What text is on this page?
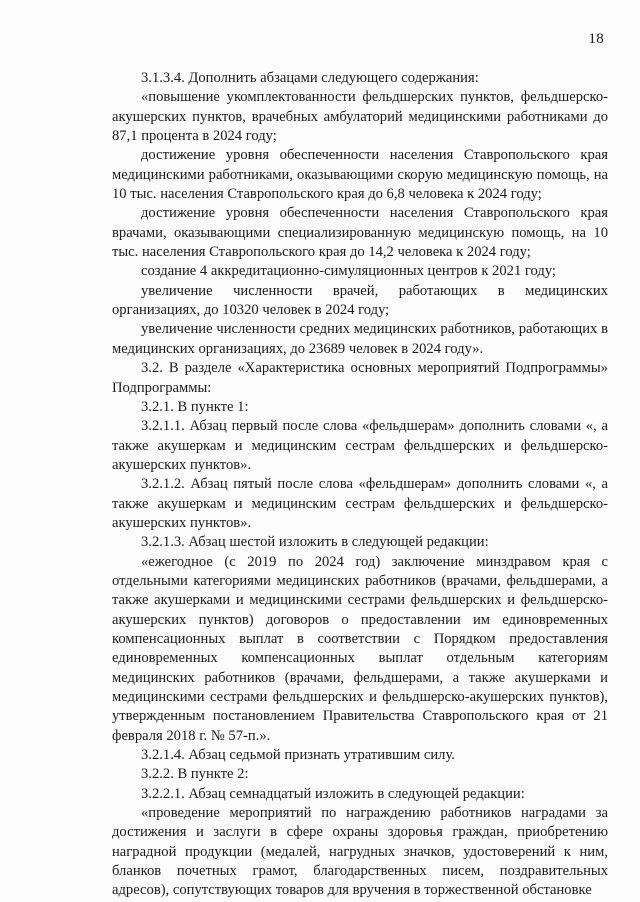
18

3.1.3.4. Дополнить абзацами следующего содержания:

«повышение укомплектованности фельдшерских пунктов, фельдшерско-акушерских пунктов, врачебных амбулаторий медицинскими работниками до 87,1 процента в 2024 году;

достижение уровня обеспеченности населения Ставропольского края медицинскими работниками, оказывающими скорую медицинскую помощь, на 10 тыс. населения Ставропольского края до 6,8 человека к 2024 году;

достижение уровня обеспеченности населения Ставропольского края врачами, оказывающими специализированную медицинскую помощь, на 10 тыс. населения Ставропольского края до 14,2 человека к 2024 году;

создание 4 аккредитационно-симуляционных центров к 2021 году;

увеличение численности врачей, работающих в медицинских организациях, до 10320 человек в 2024 году;

увеличение численности средних медицинских работников, работающих в медицинских организациях, до 23689 человек в 2024 году».

3.2. В разделе «Характеристика основных мероприятий Подпрограммы» Подпрограммы:

3.2.1. В пункте 1:

3.2.1.1. Абзац первый после слова «фельдшерам» дополнить словами «, а также акушеркам и медицинским сестрам фельдшерских и фельдшерско-акушерских пунктов».

3.2.1.2. Абзац пятый после слова «фельдшерам» дополнить словами «, а также акушеркам и медицинским сестрам фельдшерских и фельдшерско-акушерских пунктов».

3.2.1.3. Абзац шестой изложить в следующей редакции:

«ежегодное (с 2019 по 2024 год) заключение минздравом края с отдельными категориями медицинских работников (врачами, фельдшерами, а также акушерками и медицинскими сестрами фельдшерских и фельдшерско-акушерских пунктов) договоров о предоставлении им единовременных компенсационных выплат в соответствии с Порядком предоставления единовременных компенсационных выплат отдельным категориям медицинских работников (врачами, фельдшерами, а также акушерками и медицинскими сестрами фельдшерских и фельдшерско-акушерских пунктов), утвержденным постановлением Правительства Ставропольского края от 21 февраля 2018 г. № 57-п.».

3.2.1.4. Абзац седьмой признать утратившим силу.

3.2.2. В пункте 2:

3.2.2.1. Абзац семнадцатый изложить в следующей редакции:

«проведение мероприятий по награждению работников наградами за достижения и заслуги в сфере охраны здоровья граждан, приобретению наградной продукции (медалей, нагрудных значков, удостоверений к ним, бланков почетных грамот, благодарственных писем, поздравительных адресов), сопутствующих товаров для вручения в торжественной обстановке
